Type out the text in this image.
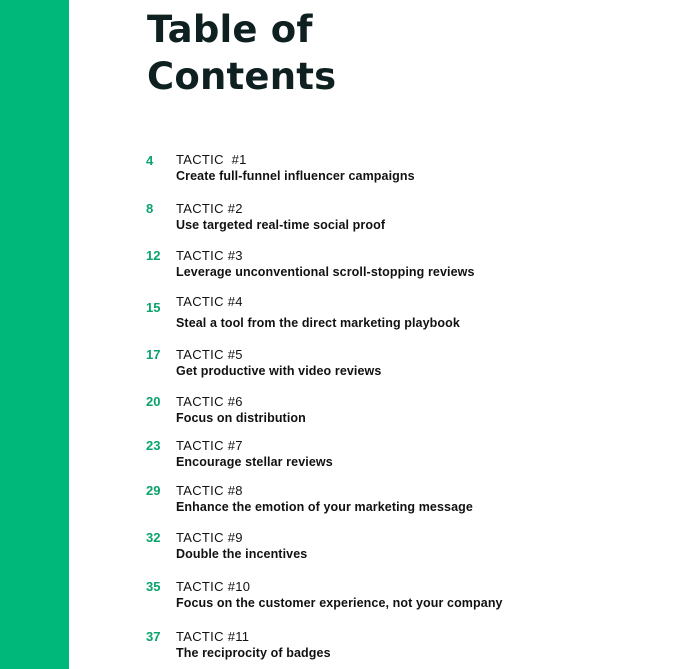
Table of
Contents
4 TACTIC  #1
Create full-funnel influencer campaigns
8 TACTIC #2
Use targeted real-time social proof
12 TACTIC #3
Leverage unconventional scroll-stopping reviews
15 TACTIC #4
Steal a tool from the direct marketing playbook
17 TACTIC #5
Get productive with video reviews
20 TACTIC #6
Focus on distribution
23 TACTIC #7
Encourage stellar reviews
29 TACTIC #8
Enhance the emotion of your marketing message
32 TACTIC #9
Double the incentives
35 TACTIC #10
Focus on the customer experience, not your company
37 TACTIC #11
The reciprocity of badges
